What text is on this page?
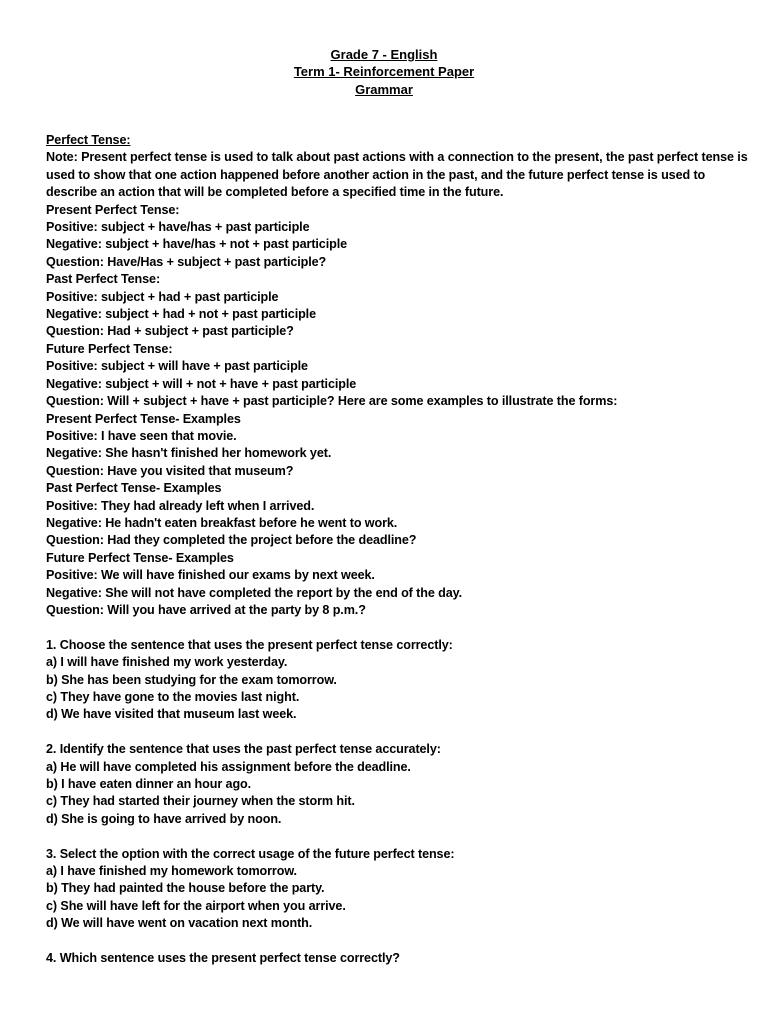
Grade 7 - English
Term 1- Reinforcement Paper
Grammar
Perfect Tense:
Note: Present perfect tense is used to talk about past actions with a connection to the present, the past perfect tense is
used to show that one action happened before another action in the past, and the future perfect tense is used to
describe an action that will be completed before a specified time in the future.
Present Perfect Tense:
Positive: subject + have/has + past participle
Negative: subject + have/has + not + past participle
Question: Have/Has + subject + past participle?
Past Perfect Tense:
Positive: subject + had + past participle
Negative: subject + had + not + past participle
Question: Had + subject + past participle?
Future Perfect Tense:
Positive: subject + will have + past participle
Negative: subject + will + not + have + past participle
Question: Will + subject + have + past participle? Here are some examples to illustrate the forms:
Present Perfect Tense- Examples
Positive: I have seen that movie.
Negative: She hasn't finished her homework yet.
Question: Have you visited that museum?
Past Perfect Tense- Examples
Positive: They had already left when I arrived.
Negative: He hadn't eaten breakfast before he went to work.
Question: Had they completed the project before the deadline?
Future Perfect Tense- Examples
Positive: We will have finished our exams by next week.
Negative: She will not have completed the report by the end of the day.
Question: Will you have arrived at the party by 8 p.m.?
1. Choose the sentence that uses the present perfect tense correctly:
a) I will have finished my work yesterday.
b) She has been studying for the exam tomorrow.
c) They have gone to the movies last night.
d) We have visited that museum last week.
2. Identify the sentence that uses the past perfect tense accurately:
a) He will have completed his assignment before the deadline.
b) I have eaten dinner an hour ago.
c) They had started their journey when the storm hit.
d) She is going to have arrived by noon.
3. Select the option with the correct usage of the future perfect tense:
a) I have finished my homework tomorrow.
b) They had painted the house before the party.
c) She will have left for the airport when you arrive.
d) We will have went on vacation next month.
4. Which sentence uses the present perfect tense correctly?
